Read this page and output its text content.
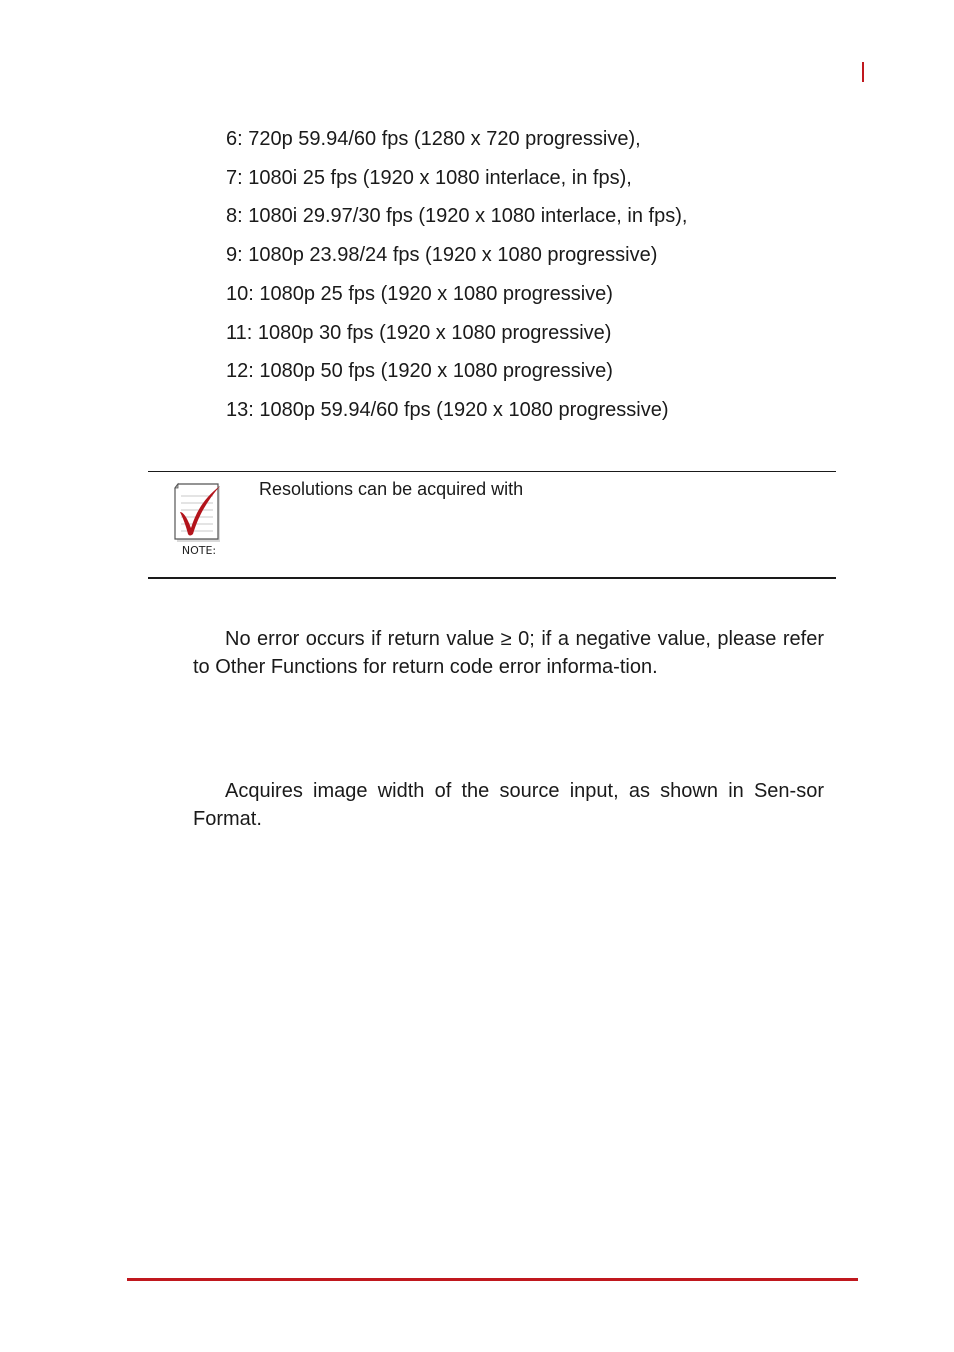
6: 720p 59.94/60 fps (1280 x 720 progressive),
7: 1080i 25 fps (1920 x 1080 interlace, in fps),
8: 1080i 29.97/30 fps (1920 x 1080 interlace, in fps),
9: 1080p 23.98/24 fps (1920 x 1080 progressive)
10: 1080p 25 fps (1920 x 1080 progressive)
11: 1080p 30 fps (1920 x 1080 progressive)
12: 1080p 50 fps (1920 x 1080 progressive)
13: 1080p 59.94/60 fps (1920 x 1080 progressive)
NOTE:
Resolutions can be acquired with

No error occurs if return value ≥ 0; if a negative value, please refer to Other Functions for return code error informa-tion.

Acquires image width of the source input, as shown in Sen-sor Format.
